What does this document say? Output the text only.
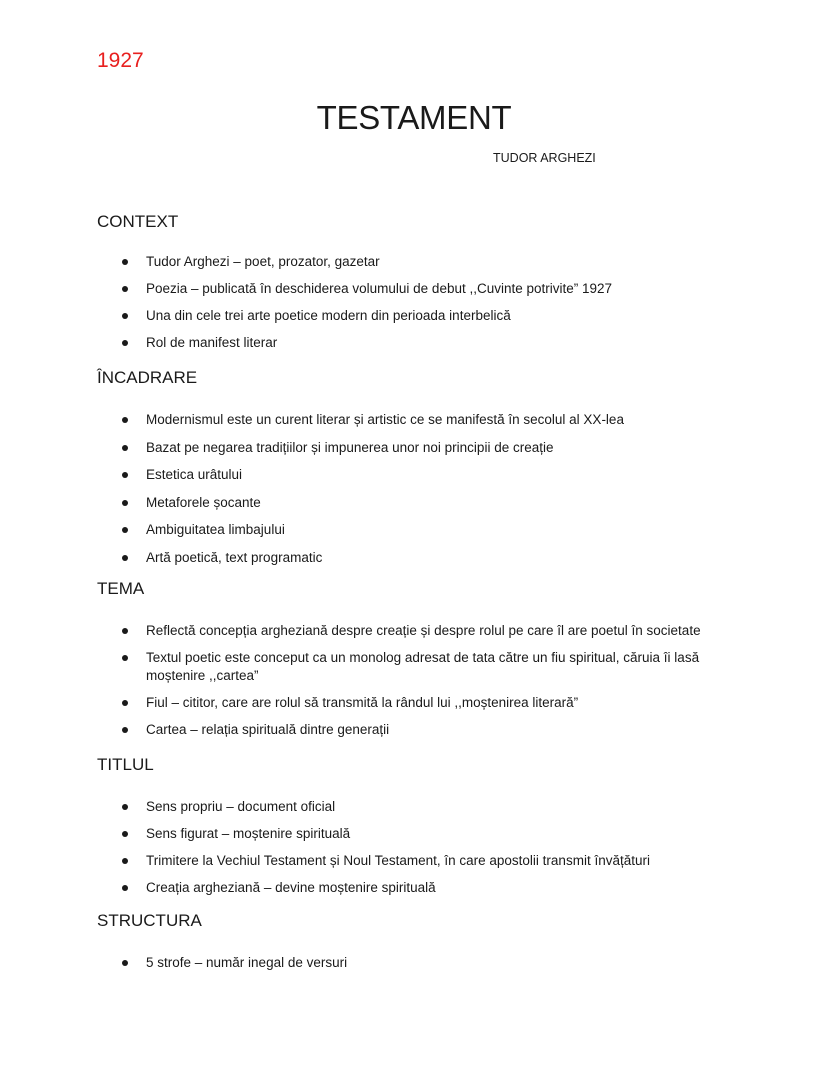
1927
TESTAMENT
TUDOR ARGHEZI
CONTEXT
Tudor Arghezi – poet, prozator, gazetar
Poezia – publicată în deschiderea volumului de debut ,,Cuvinte potrivite” 1927
Una din cele trei arte poetice modern din perioada interbelică
Rol de manifest literar
ÎNCADRARE
Modernismul este un curent literar și artistic ce se manifestă în secolul al XX-lea
Bazat pe negarea tradițiilor și impunerea unor noi principii de creație
Estetica urâtului
Metaforele șocante
Ambiguitatea limbajului
Artă poetică, text programatic
TEMA
Reflectă concepția argheziană despre creație și despre rolul pe care îl are poetul în societate
Textul poetic este conceput ca un monolog adresat de tata către un fiu spiritual, căruia îi lasă moștenire ,,cartea”
Fiul – cititor, care are rolul să transmită la rândul lui ,,moștenirea literară”
Cartea – relația spirituală dintre generații
TITLUL
Sens propriu – document oficial
Sens figurat – moștenire spirituală
Trimitere la Vechiul Testament și Noul Testament, în care apostolii transmit învățături
Creația argheziană – devine moștenire spirituală
STRUCTURA
5 strofe – număr inegal de versuri
